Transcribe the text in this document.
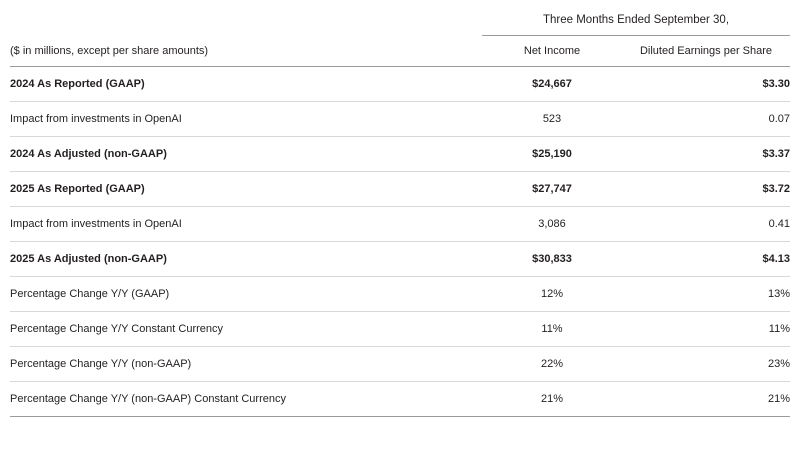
	Three Months Ended September 30,	
($ in millions, except per share amounts)	Net Income	Diluted Earnings per Share
2024 As Reported (GAAP)	$24,667	$3.30
Impact from investments in OpenAI	523	0.07
2024 As Adjusted (non-GAAP)	$25,190	$3.37
2025 As Reported (GAAP)	$27,747	$3.72
Impact from investments in OpenAI	3,086	0.41
2025 As Adjusted (non-GAAP)	$30,833	$4.13
Percentage Change Y/Y (GAAP)	12%	13%
Percentage Change Y/Y Constant Currency	11%	11%
Percentage Change Y/Y (non-GAAP)	22%	23%
Percentage Change Y/Y (non-GAAP) Constant Currency	21%	21%
